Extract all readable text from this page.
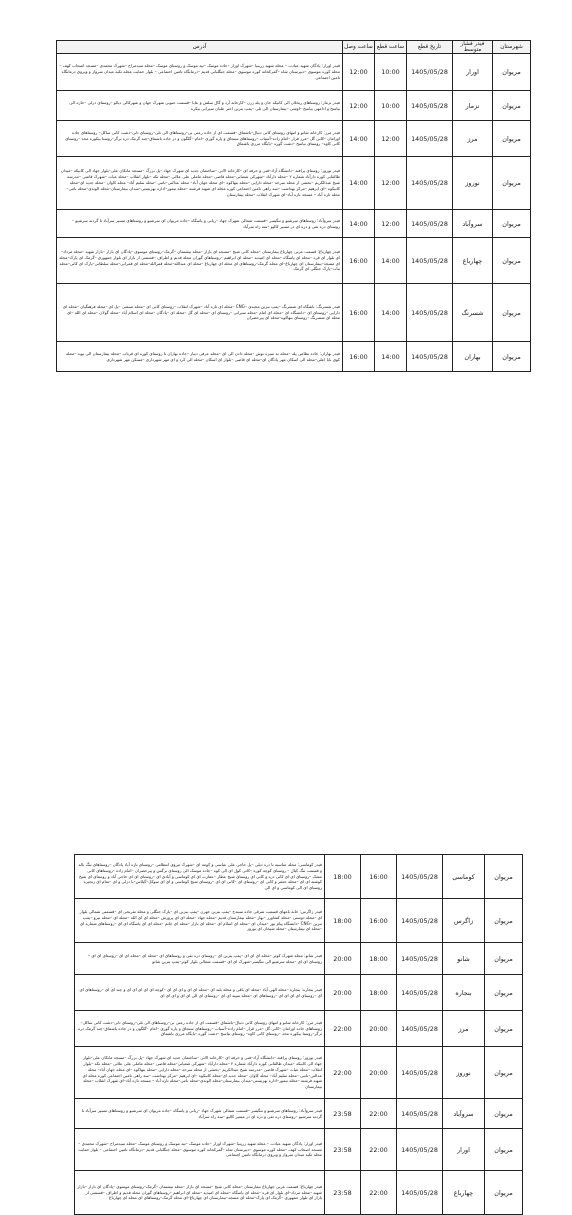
شهرستان	فیدر فشار متوسط	تاریخ قطع	ساعت قطع	ساعت وصل	آدرس
مریوان	اورار	1405/05/28	10:00	12:00	فیدر اورار: پادگان شهید عبادت – محله شهید زرینیا –شهرک اورار –جاده موسک –تپه موسک و روستای موسک –محله سیدمراح –شهرک محمدی –مسجد اصحاب کهف –محله کوره موسوی –دبیرستان شاه –گمرکخانه کوره موسوی –محله جنگلبانی قدیم –درمانگاه تامین اجتماعی – بلوار حمایت محله تکیه میدان سرواز و ویروی درمانگاه تامین اجتماعی
مریوان	نزمار	1405/05/28	10:00	12:00	فیدر نزمار: روستاهای ریخلان الی کانیکه جان و پله زرن –کارخانه آرد و گال سلش و عابا –قسمت جنوبی شهرک جهان و شهرکالی دیالو –روستای دزلی –خازه الی نیاسخ و ادامهی بیاسخ –اوشی –بیمارستان الی تلی –پمپ بنزین اختر علیان سیرانی بیکره
مریوان	مرز	1405/05/28	12:00	14:00	فیدر مرز: کارخانه شانو و انتهای روستای کانی دنیال–باشماق –قسمت ای از جاده رعنی بی–روستاهای الی تلی–روستای دلی–دشت کانی ساکل– روستاهای جاده اورامان –کانی گل –مرز قرار –امام زاده–آسیاب –روستاهای سنجاق و پاره گوری –امام –گلگون و در جاده باشماق–چند گرمک دره ترگر–روستا بیکوره محد –روستای کانی کاوه– روستای نیاسخ –دشت گوره –پایگاه مرزی باشماق
مریوان	نوروز	1405/05/28	12:00	14:00	فیدر نوروز: روستای پرافته –دانشگاه آزاد–فنی و حرفه ای –کارخانه الانی –ساختمان جدید ای شهرک جهاد –پل بزرگ –مسجد مانکان علی–بلوار جهاد الی کانیکه –میدان طالقانی کوره دارآباد شماره ۲ –محله دارآباد –شهرکی شعبانی–محله قاضی –محله ماملی علی علائی –محله تکه –بلوار انقلاب –محله غیاث –شهرک قاضی –مدرسه شیخ عبدالکریم –بخشی از محله سرخه –محله دارایی –محله بنهاکوه –ای محله جهان آباد– محله عدالتی–ناتبی –محله سلیم آباد– محله کاوان –محله جدید ای–محله کانیکوه –ای ابرهیم –مرکز بهداشت –سه راهی تامین اجتماعی کوره محله ای شهید فرشته –محله تیمور–اداره بهزیستی–میدان بیمارستان–محله الوندی–محله نامی–محله تازه آباد – مسجد تازه آباد–ای شهرک انقلاب –محله بیمارستان
مریوان	سروآباد	1405/05/28	12:00	14:00	فیدر سروآباد: روستاهای سرشیو و تنگیسر –قسمت شمالی شهرک جهاد –ریانی و پاسگاه –جاده مریوان ای سرشیو و روستاهای مسیر سرآباد تا گردنه سرشیو –روستای دره تفی و دره ای در مسیر کالپو –سه راه سرآباد
مریوان	چهارباغ	1405/05/28	14:00	16:00	فیدر چهارباغ: قسمت غربی چهارباغ بیمارستان –محله کانی شیخ –مسجد ای بازار –محله نیشتمان –گرمک–روستای موسوی –پادگان ای بازار –بازار شهید –محله مرداد–ای بلوار ای قره –محله ای پاسگاه –محله ای امیدیه –محله ای ابراهیم –روستاهای گوران محله قدیم و اطراف –قسمتی از بازار ای بلوار جمهوری –گرمک ای پارک–محله ای مسجد–بیمارستان ای چهارباغ–ای محله گرمک–روستاهای ای محله ای چهارباغ –محله ای عبدالله–محله قمرالله–محله ای قمرانی–محله سلطانی–پارک ای کانی–محله نبات–پارک جنگلی ای گرمک
مریوان	شسرنگ	1405/05/28	14:00	16:00	فیدر شسرنگ: باشگاه ای شسرنگ –پمپ بنزین مجیدی –CNG –محله ای تازه آباد –شهرک انقلاب –روستای کانی ای –محله صنعتی –پل ای –محله فرهنگیان –محله ای دارایی –روستای ای –دانشگاه ای –محله ای امام –محله سیرانی –روستای ای –محله ای گل –محله ای –پادگان –محله ای اسلام آباد –محله گولان –محله ای الله –ای محله ای شسرنگ –روستای بنهاکوه–محله ای پیرخضران
مریوان	بهاران	1405/05/28	14:00	16:00	فیدر بهاران: جاده نظامی پله –محله ته سبزه نوش –محله دادن الی ای –محله عرفی دیناز –جاده بهاران تا روستای کوره ای قرتاب –محله بیمارستان الی بوید –محله کوی بابا اعلی–محله الی اسکان مهر پادگان ای–محله ای قاضی –بلوار ای اسکان –محله الی کرد و ای مهر شهرداری –مسکن مهر شهرداری
مریوان	کوماسی	1405/05/28	16:00	18:00	فیدر کوماسی: محله عباسیه تا دره دیلی –پل حاجی علی عباسی و کومه ای –شهرک تیروی انتظامی –روستای تازه آباد پادگان –روستاهای تنگ باله و قسمت تنگ کیال – روستای کوچه کوزه –کانی کول ای الی کوه –جاده موسک الی روستای نرگس و پیرخضران –امام زاده –روستاهای کانی مشک –روستای ای ای کانی دره و کانی ای روستای شیخ عطار –عمارت ای ای کوماسی و آبادی ای –روستای ای ای حاجی آباد و روستای ای شیخ کوشته ای ای –محله جعفر و کانی ای –روستای ای –کانی ای ای –روستای شیخ کوماسی و ای ای سوکل–گیلاس–یا دزلی و ای –تمام ای زنجیره روستای ای الی کوماسی و ای الی
مریوان	زاگرس	1405/05/28	16:00	18:00	فیدر زاگرس: خانه باغهای قسمت شرقی جاده سنندج –پمپ بنزین جهرن –پمپ بنزین ای –پارک جنگلی و محله تفریحی ای –قسمتی شمالی بلوار ای –محله دوستی –محله کشاورز –بهار –محله بیمارستان قدیم –محله جهاد –محله ای ای پرورش –محله ای ای الله –محله ای –محله نیرو –پمپ بنزین –CNG –دانشگاه پیام نور –میدان ای –محله ای اسلام ای –محله ای بازار –محله ای خاتم –محله ای ای پاسگاه ای ای –روستاهای شماره ای –محله ای بیمارستان –محله شیخان ای نوروز
مریوان	شانو	1405/05/28	18:00	20:00	فیدر شانو: محله شهرک کوثر –محله ای ای ای –پمپ بنزین ای –روستای دره تفی و روستاهای ای –محله ای –محله ای ای –روستای ای ای –روستای ای ای –محله سرشیو الی تنگیسر–شهرک ای ای –قسمت شمالی بلوار کوثر–پمپ بنزین شانو
مریوان	بنجاره	1405/05/28	18:00	20:00	فیدر بنجاره: بنجاره –محله الهی آباد –محله ای باقی و محله بلند ای –محله ای ای و ای ای ای –کوچه ای ای ای ای ای و چند ای ای –روستاهای ای ای –روستای ای ای ای ای –روستاهای ای –محله سپیه ای ای –روستای ای الی ای ای و ای ای ای
مریوان	مرز	1405/05/28	20:00	22:00	فیدر مرز: کارخانه شانو و انتهای روستای کانی دنیال–باشماق –قسمت ای از جاده رعنی بی–روستاهای الی تلی–روستای دلی–دشت کانی ساکل– روستاهای جاده اورامان –کانی گل –مرز قرار –امام زاده–آسیاب –روستاهای سنجاق و پاره گوری –امام –گلگون و در جاده باشماق–چند گرمک دره ترگر–روستا بیکوره محد –روستای کانی کاوه– روستای نیاسخ –دشت گوره –پایگاه مرزی باشماق
مریوان	نوروز	1405/05/28	20:00	22:00	فیدر نوروز: روستای پرافته –دانشگاه آزاد–فنی و حرفه ای –کارخانه الانی –ساختمان جدید ای شهرک جهاد –پل بزرگ –مسجد مانکان علی–بلوار جهاد الی کانیکه –میدان طالقانی کوره دارآباد شماره ۲ –محله دارآباد –شهرکی شعبانی–محله قاضی –محله ماملی علی علائی –محله تکه –بلوار انقلاب –محله غیاث –شهرک قاضی –مدرسه شیخ عبدالکریم –بخشی از محله سرخه –محله دارایی –محله بنهاکوه –ای محله جهان آباد– محله عدالتی–ناتبی –محله سلیم آباد– محله کاوان –محله جدید ای–محله کانیکوه –ای ابرهیم –مرکز بهداشت –سه راهی تامین اجتماعی کوره محله ای شهید فرشته –محله تیمور–اداره بهزیستی–میدان بیمارستان–محله الوندی–محله نامی–محله تازه آباد – مسجد تازه آباد–ای شهرک انقلاب –محله بیمارستان
مریوان	سروآباد	1405/05/28	22:00	23:58	فیدر سروآباد: روستاهای سرشیو و تنگیسر –قسمت شمالی شهرک جهاد –ریانی و پاسگاه –جاده مریوان ای سرشیو و روستاهای مسیر سرآباد تا گردنه سرشیو –روستای دره تفی و دره ای در مسیر کالپو –سه راه سرآباد
مریوان	اورار	1405/05/28	22:00	23:58	فیدر اورار: پادگان شهید عبادت – محله شهید زرینیا –شهرک اورار –جاده موسک –تپه موسک و روستای موسک –محله سیدمراح –شهرک محمدی –مسجد اصحاب کهف –محله کوره موسوی –دبیرستان شاه –گمرکخانه کوره موسوی –محله جنگلبانی قدیم –درمانگاه تامین اجتماعی – بلوار حمایت محله تکیه میدان سرواز و ویروی درمانگاه تامین اجتماعی
مریوان	چهارباغ	1405/05/28	22:00	23:58	فیدر چهارباغ: قسمت غربی چهارباغ بیمارستان –محله کانی شیخ –مسجد ای بازار –محله نیشتمان –گرمک–روستای موسوی –پادگان ای بازار –بازار شهید –محله مرداد–ای بلوار ای قره –محله ای پاسگاه –محله ای امیدیه –محله ای ابراهیم –روستاهای گوران محله قدیم و اطراف –قسمتی از بازار ای بلوار جمهوری –گرمک ای پارک–محله ای مسجد–بیمارستان ای چهارباغ–ای محله گرمک–روستاهای ای محله ای چهارباغ
